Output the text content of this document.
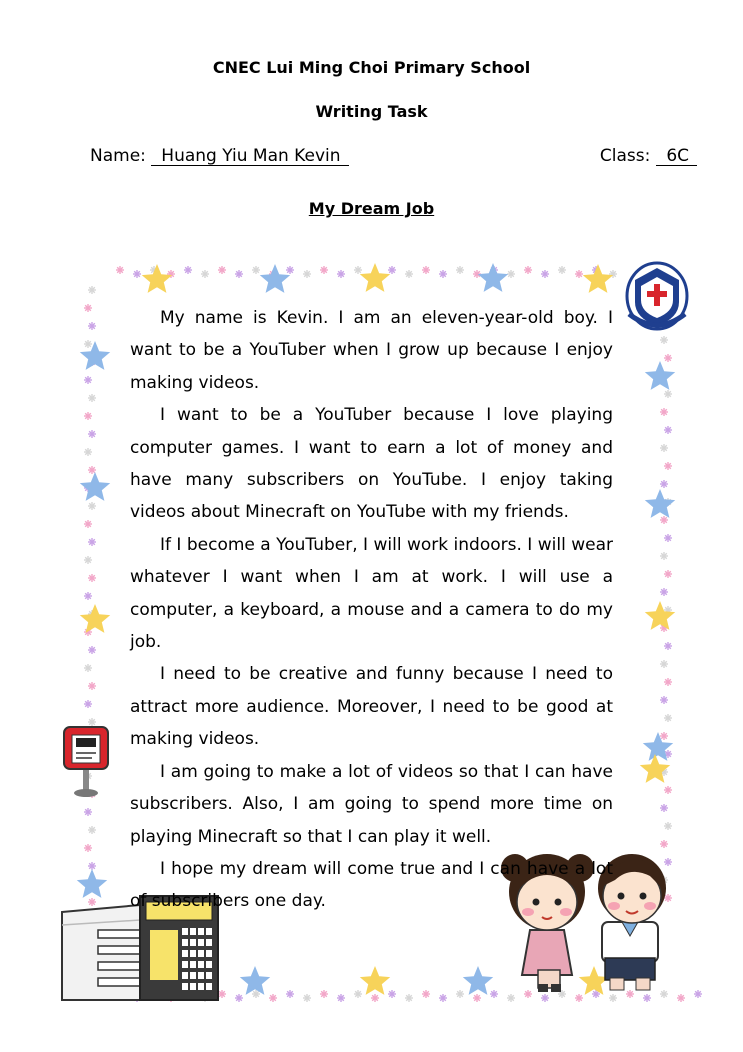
CNEC Lui Ming Choi Primary School
Writing Task
Name: Huang Yiu Man Kevin	Class: 6C
My Dream Job

My name is Kevin. I am an eleven-year-old boy. I want to be a YouTuber when I grow up because I enjoy making videos.

I want to be a YouTuber because I love playing computer games. I want to earn a lot of money and have many subscribers on YouTube. I enjoy taking videos about Minecraft on YouTube with my friends.

If I become a YouTuber, I will work indoors. I will wear whatever I want when I am at work. I will use a computer, a keyboard, a mouse and a camera to do my job.

I need to be creative and funny because I need to attract more audience. Moreover, I need to be good at making videos.

I am going to make a lot of videos so that I can have subscribers. Also, I am going to spend more time on playing Minecraft so that I can play it well.

I hope my dream will come true and I can have a lot of subscribers one day.
